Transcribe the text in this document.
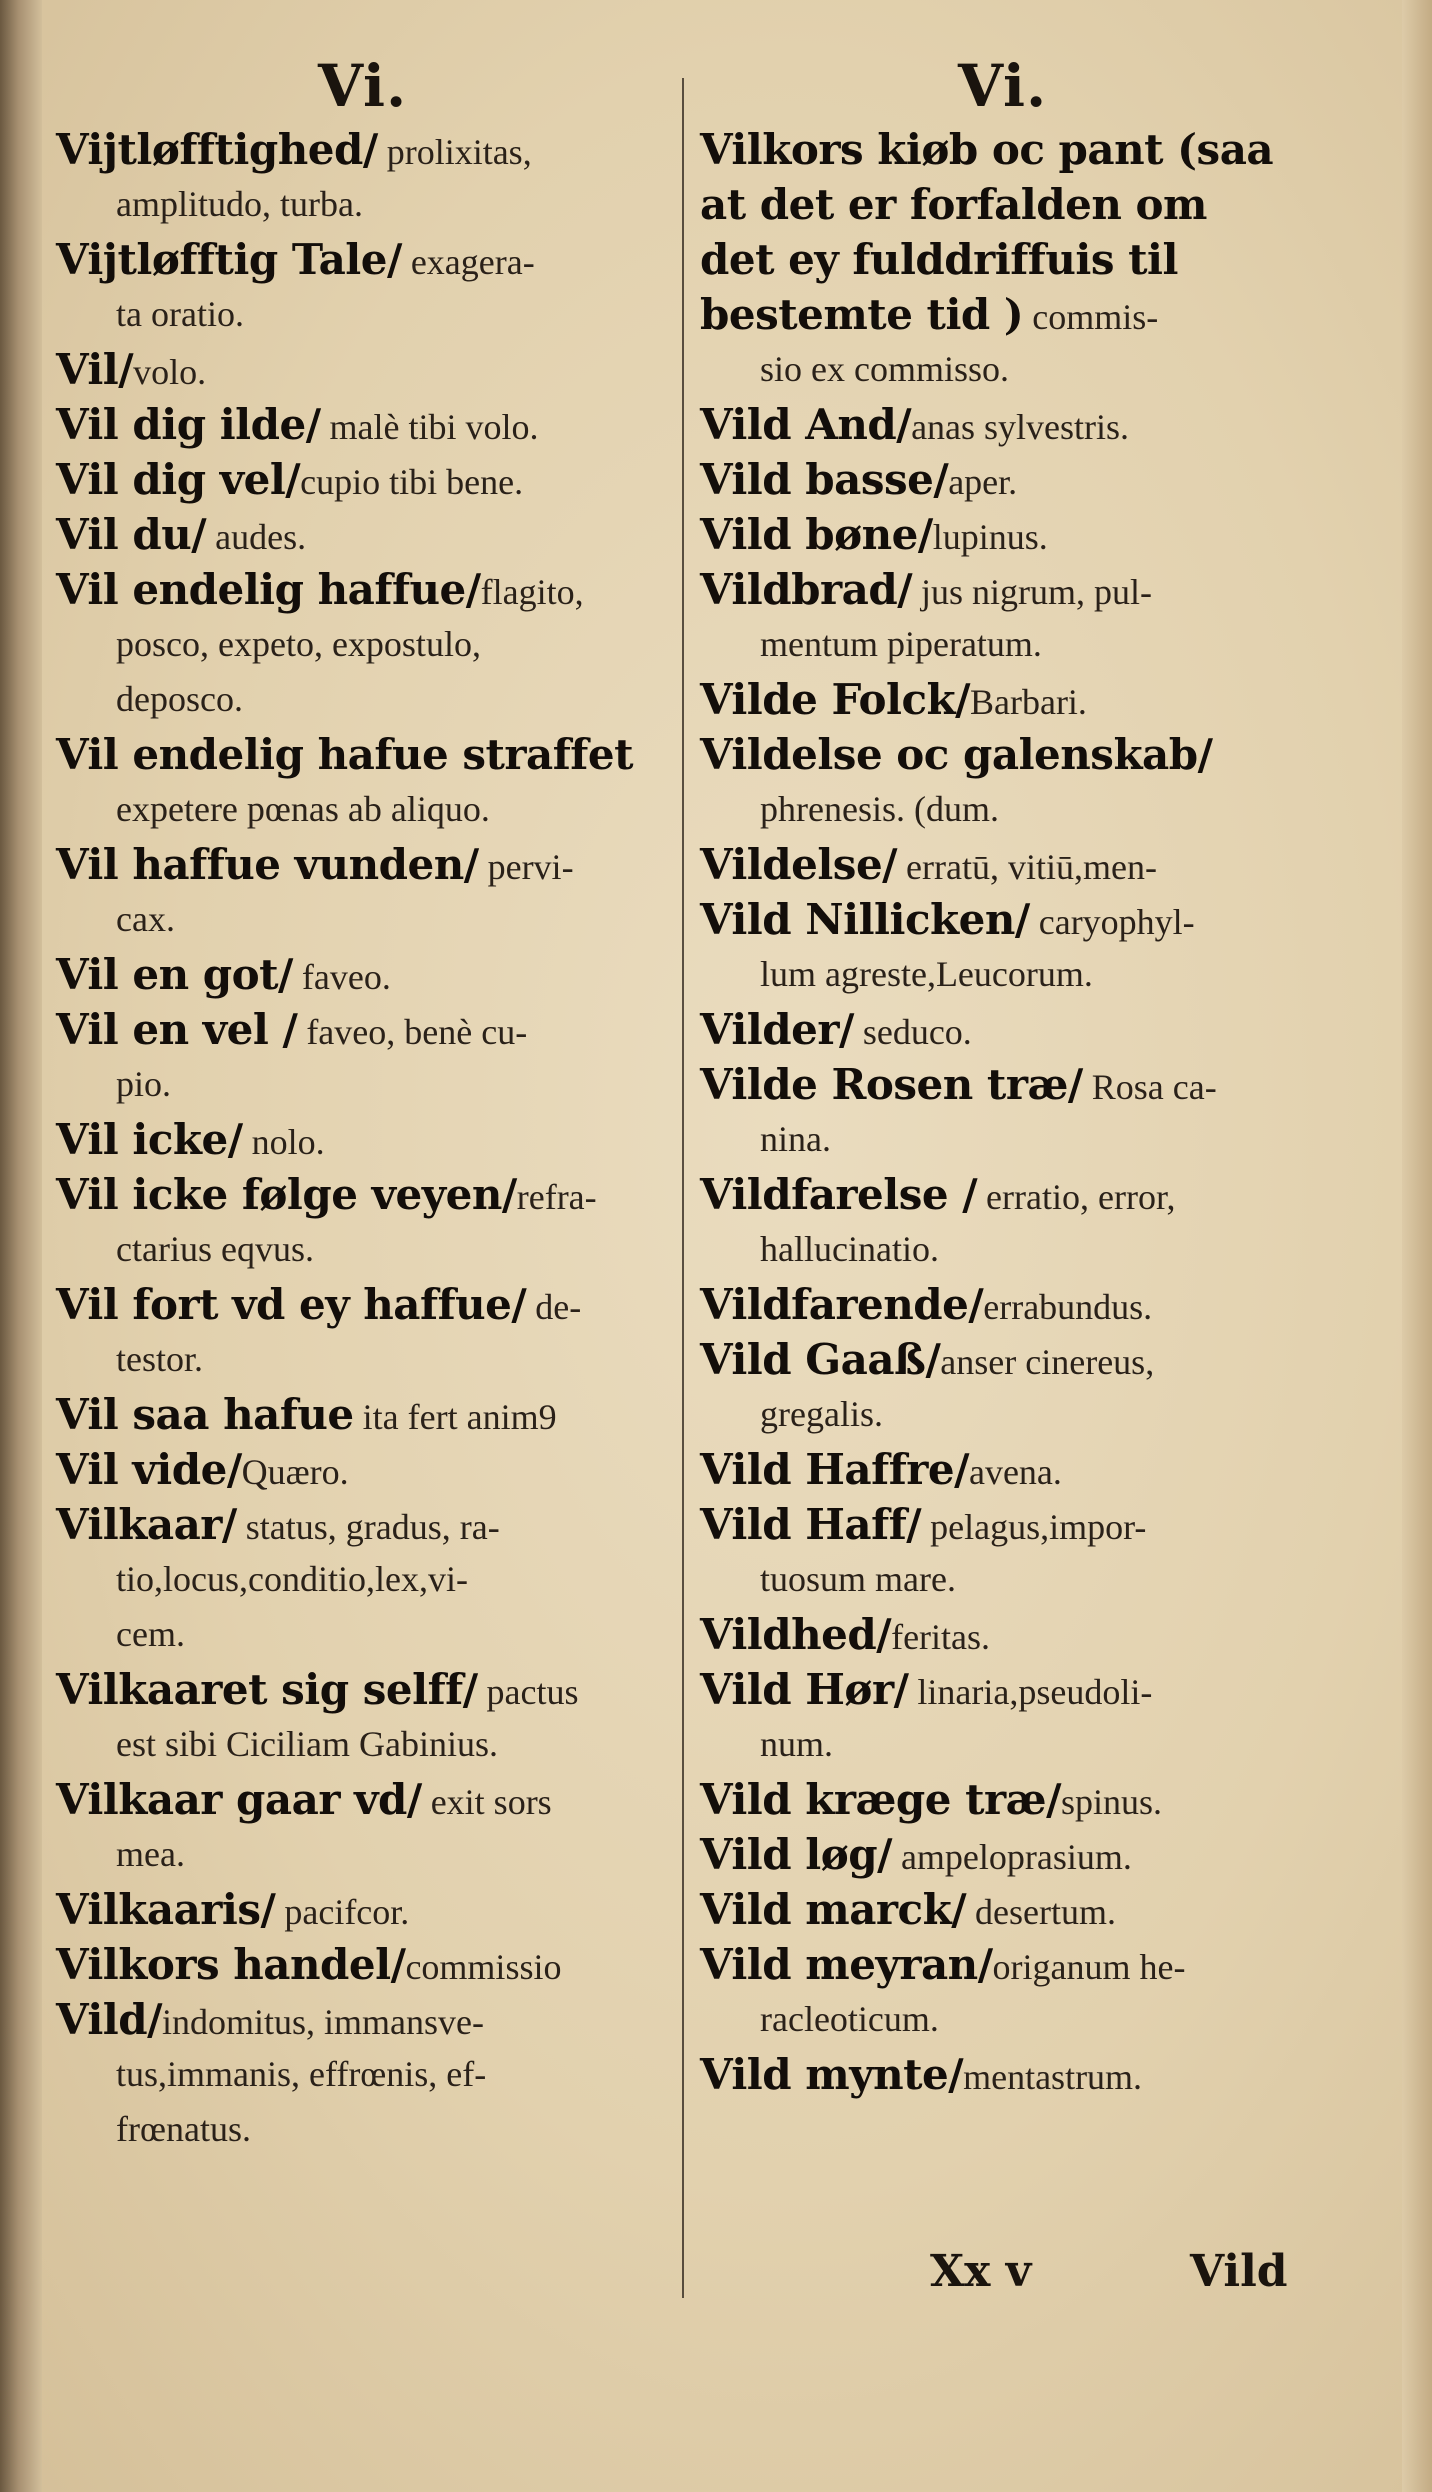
Vi.	Vi.
Vijtløfftighed/ prolixitas,
amplitudo, turba.
Vijtløfftig Tale/ exagera-
ta oratio.
Vil/volo.
Vil dig ilde/ malè tibi volo.
Vil dig vel/cupio tibi bene.
Vil du/ audes.
Vil endelig haffue/flagito,
posco, expeto, expostulo,
deposco.
Vil endelig hafue straffet
expetere pœnas ab aliquo.
Vil haffue vunden/ pervi-
cax.
Vil en got/ faveo.
Vil en vel / faveo, benè cu-
pio.
Vil icke/ nolo.
Vil icke følge veyen/refra-
ctarius eqvus.
Vil fort vd ey haffue/ de-
testor.
Vil saa hafue ita fert anim9
Vil vide/Quæro.
Vilkaar/ status, gradus, ra-
tio,locus,conditio,lex,vi-
cem.
Vilkaaret sig selff/ pactus
est sibi Ciciliam Gabinius.
Vilkaar gaar vd/ exit sors
mea.
Vilkaaris/ pacifcor.
Vilkors handel/commissio
Vild/indomitus, immansve-
tus,immanis, effrœnis, ef-
frœnatus.
Vilkors kiøb oc pant (saa
at det er forfalden om
det ey fulddriffuis til
bestemte tid ) commis-
sio ex commisso.
Vild And/anas sylvestris.
Vild basse/aper.
Vild bøne/lupinus.
Vildbrad/ jus nigrum, pul-
mentum piperatum.
Vilde Folck/Barbari.
Vildelse oc galenskab/
phrenesis. (dum.
Vildelse/ erratū, vitiū,men-
Vild Nillicken/ caryophyl-
lum agreste,Leucorum.
Vilder/ seduco.
Vilde Rosen træ/ Rosa ca-
nina.
Vildfarelse / erratio, error,
hallucinatio.
Vildfarende/errabundus.
Vild Gaaß/anser cinereus,
gregalis.
Vild Haffre/avena.
Vild Haff/ pelagus,impor-
tuosum mare.
Vildhed/feritas.
Vild Hør/ linaria,pseudoli-
num.
Vild kræge træ/spinus.
Vild løg/ ampeloprasium.
Vild marck/ desertum.
Vild meyran/origanum he-
racleoticum.
Vild mynte/mentastrum.
Xx v	Vild
